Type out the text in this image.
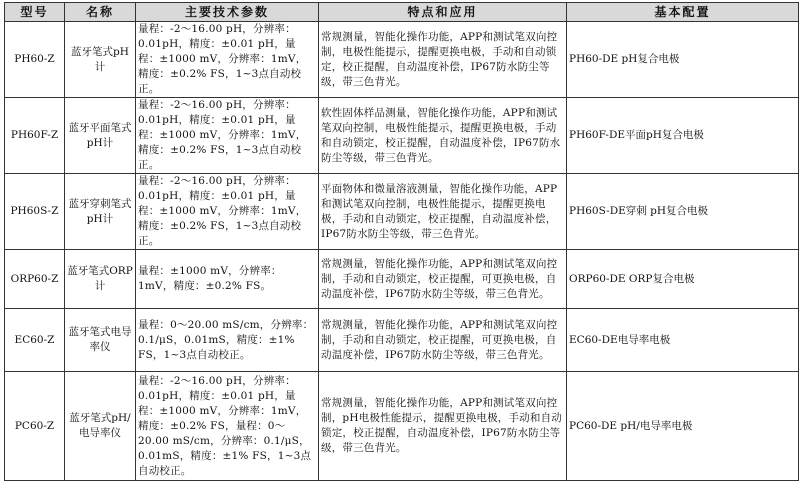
型号	名称	主要技术参数	特点和应用	基本配置
PH60-Z	蓝牙笔式pH计	量程：-2～16.00 pH，分辨率：0.01pH，精度：±0.01 pH，量程：±1000 mV，分辨率：1mV，精度：±0.2% FS，1~3点自动校正。	常规测量，智能化操作功能，APP和测试笔双向控制，电极性能提示，提醒更换电极，手动和自动锁定，校正提醒，自动温度补偿，IP67防水防尘等级，带三色背光。	PH60-DE pH复合电极
PH60F-Z	蓝牙平面笔式pH计	量程：-2～16.00 pH，分辨率：0.01pH，精度：±0.01 pH，量程：±1000 mV，分辨率：1mV，精度：±0.2% FS，1~3点自动校正。	软性固体样品测量，智能化操作功能，APP和测试笔双向控制，电极性能提示，提醒更换电极，手动和自动锁定，校正提醒，自动温度补偿，IP67防水防尘等级，带三色背光。	PH60F-DE平面pH复合电极
PH60S-Z	蓝牙穿刺笔式pH计	量程：-2～16.00 pH，分辨率：0.01pH，精度：±0.01 pH，量程：±1000 mV，分辨率：1mV，精度：±0.2% FS，1~3点自动校正。	平面物体和微量溶液测量，智能化操作功能，APP和测试笔双向控制，电极性能提示，提醒更换电极，手动和自动锁定，校正提醒，自动温度补偿，IP67防水防尘等级，带三色背光。	PH60S-DE穿刺 pH复合电极
ORP60-Z	蓝牙笔式ORP计	量程：±1000 mV，分辨率：1mV，精度：±0.2% FS。	常规测量，智能化操作功能，APP和测试笔双向控制，手动和自动锁定，校正提醒，可更换电极，自动温度补偿，IP67防水防尘等级，带三色背光。	ORP60-DE ORP复合电极
EC60-Z	蓝牙笔式电导率仪	量程：0～20.00 mS/cm，分辨率：0.1/μS，0.01mS，精度：±1% FS，1~3点自动校正。	常规测量，智能化操作功能，APP和测试笔双向控制，手动和自动锁定，校正提醒，可更换电极，自动温度补偿，IP67防水防尘等级，带三色背光。	EC60-DE电导率电极
PC60-Z	蓝牙笔式pH/电导率仪	量程：-2～16.00 pH，分辨率：0.01pH，精度：±0.01 pH，量程：±1000 mV，分辨率：1mV，精度：±0.2% FS，量程：0～20.00 mS/cm，分辨率：0.1/μS，0.01mS，精度：±1% FS，1~3点自动校正。	常规测量，智能化操作功能，APP和测试笔双向控制，pH电极性能提示，提醒更换电极，手动和自动锁定，校正提醒，自动温度补偿，IP67防水防尘等级，带三色背光。	PC60-DE pH/电导率电极
